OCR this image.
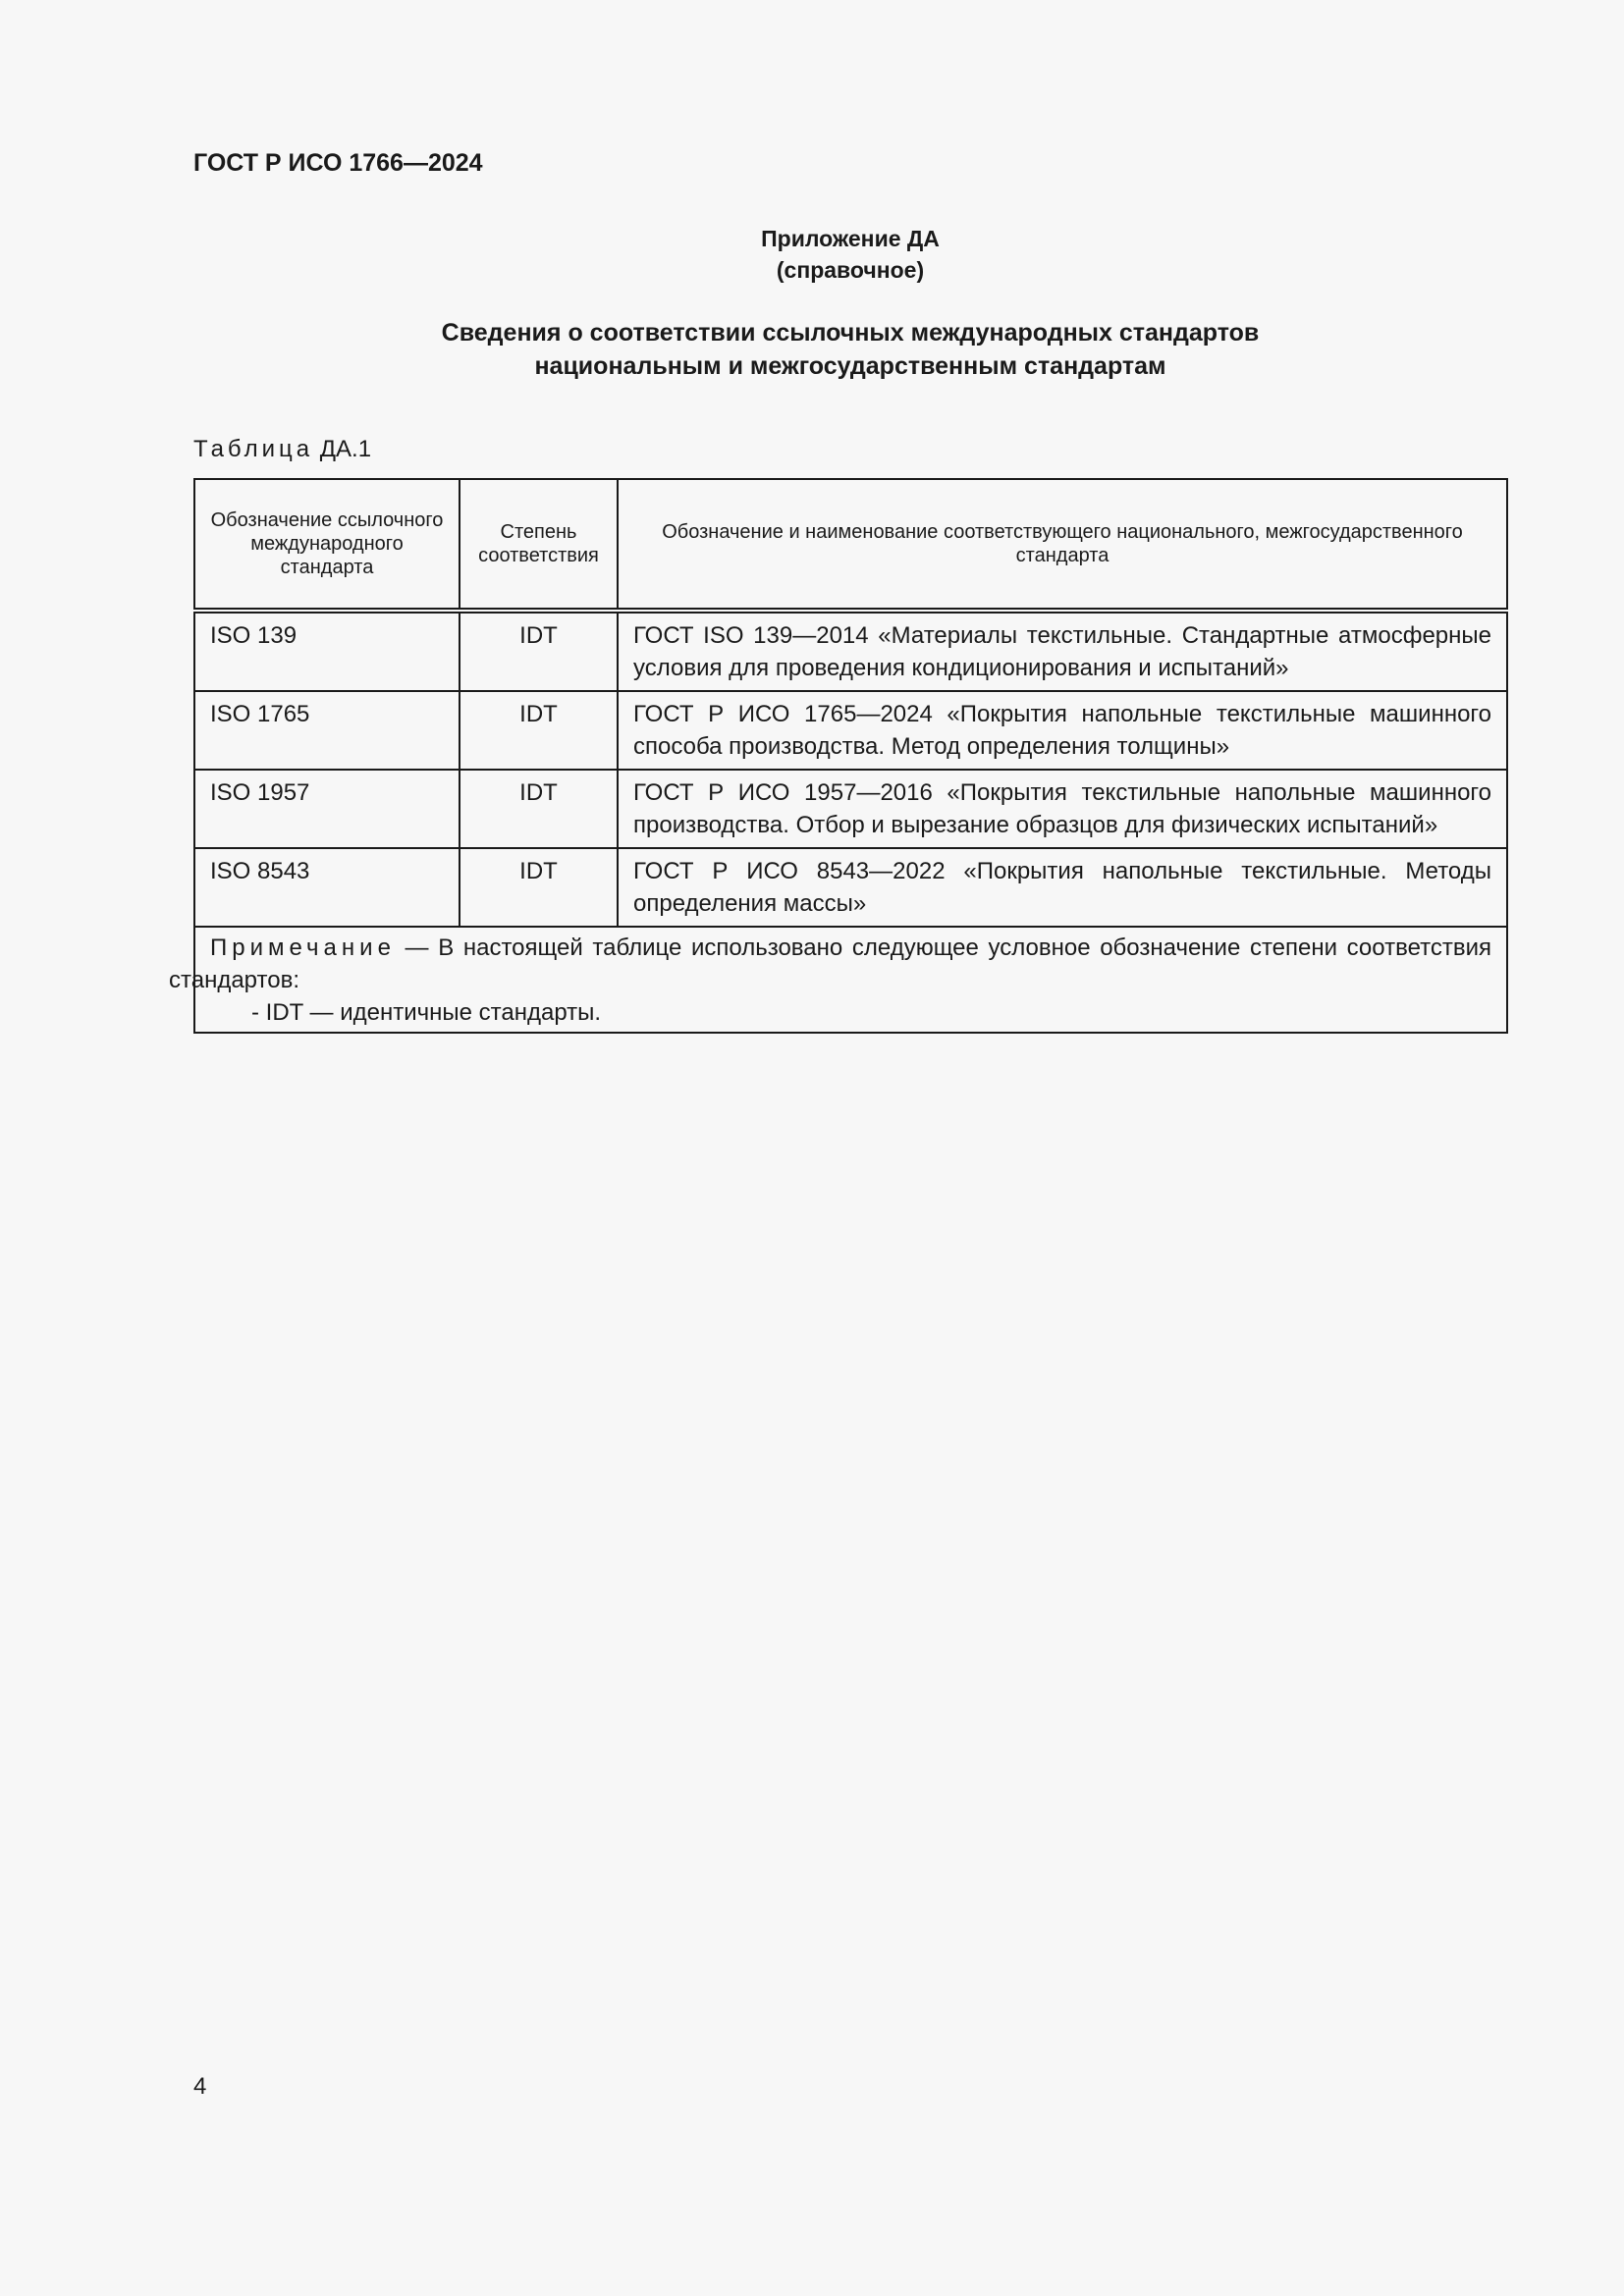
ГОСТ Р ИСО 1766—2024
Приложение ДА
(справочное)
Сведения о соответствии ссылочных международных стандартов
национальным и межгосударственным стандартам
Таблица ДА.1
Обозначение ссылочного международного стандарта	Степень соответствия	Обозначение и наименование соответствующего национального, межгосударственного стандарта
ISO 139	IDT	ГОСТ ISO 139—2014 «Материалы текстильные. Стандартные атмосферные условия для проведения кондиционирования и испытаний»
ISO 1765	IDT	ГОСТ Р ИСО 1765—2024 «Покрытия напольные текстильные машинного способа производства. Метод определения толщины»
ISO 1957	IDT	ГОСТ Р ИСО 1957—2016 «Покрытия текстильные напольные машинного производства. Отбор и вырезание образцов для физических испытаний»
ISO 8543	IDT	ГОСТ Р ИСО 8543—2022 «Покрытия напольные текстильные. Методы определения массы»

Примечание — В настоящей таблице использовано следующее условное обозначение степени соответствия стандартов:
- IDT — идентичные стандарты.		
4
